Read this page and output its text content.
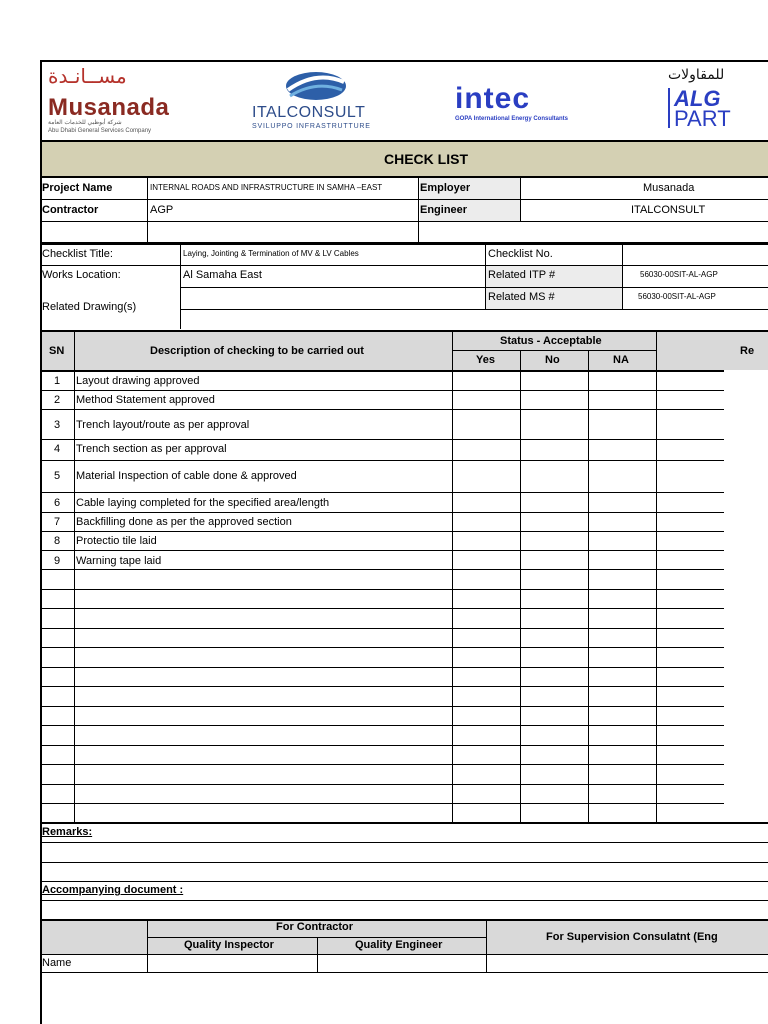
مســانـدة
Musanada
شركة أبوظبي للخدمات العامة
Abu Dhabi General Services Company
ITALCONSULT
SVILUPPO INFRASTRUTTURE
intec
GOPA International Energy Consultants
للمقاولات
ALG
PART
CHECK LIST
Project Name	INTERNAL ROADS AND INFRASTRUCTURE IN SAMHA –EAST	Employer	Musanada
Contractor	AGP	Engineer	ITALCONSULT
Checklist Title:	Laying, Jointing & Termination of MV & LV Cables	Checklist No.
Works Location:	Al Samaha East	Related ITP #	56030-00SIT-AL-AGP
Related Drawing(s)
Related MS #	56030-00SIT-AL-AGP
SN	Description of checking to be carried out
Status - Acceptable
Yes	No	NA
Re
1 Layout drawing approved
2 Method Statement approved
3 Trench layout/route as per approval
4 Trench section as per approval
5 Material Inspection of cable done & approved
6 Cable laying completed for the specified area/length
7 Backfilling done as per the approved section
8 Protectio tile laid
9 Warning tape laid
Remarks:
Accompanying document :
For Contractor
Quality Inspector	Quality Engineer
For Supervision Consulatnt (Eng
Name
